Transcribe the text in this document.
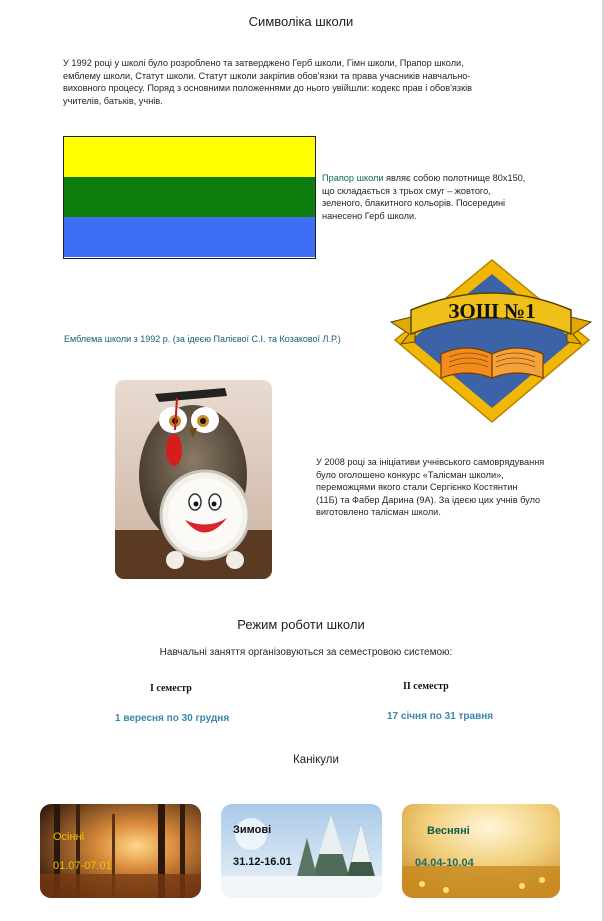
Символіка школи
У 1992 році у школі було розроблено та затверджено Герб школи, Гімн школи, Прапор школи,
емблему школи, Статут школи. Статут школи закріпив обов'язки та права учасників навчально-
виховного процесу. Поряд з основними положеннями до нього увійшли: кодекс прав і обов'язків
учителів, батьків, учнів.
Прапор школи являє собою полотнище 80х150,
що складається з трьох смуг – жовтого,
зеленого, блакитного кольорів. Посередині
нанесено Герб школи.
Емблема школи з 1992 р. (за ідеєю Палієвої С.І. та Козакової Л.Р.)
ЗОШ №1
У 2008 році за ініціативи учнівського самоврядування
було оголошено конкурс «Талісман школи»,
переможцями якого стали Сергієнко Костянтин
(11Б) та Фабер Дарина (9А). За ідеєю цих учнів було
виготовлено талісман школи.
Режим роботи школи
Навчальні заняття організовуються за семестровою системою:
І семестр	ІІ семестр
1 вересня по 30 грудня	17 січня по 31 травня
Канікули
Осінні
01.07-07.01
Зимові
31.12-16.01
Весняні
04.04-10.04
